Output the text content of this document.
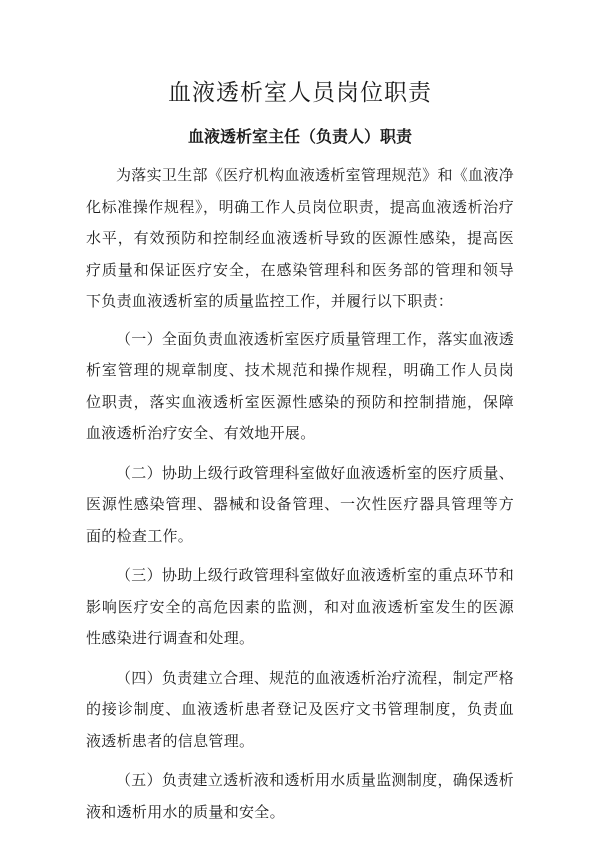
血液透析室人员岗位职责
血液透析室主任（负责人）职责

为落实卫生部《医疗机构血液透析室管理规范》和《血液净化标准操作规程》，明确工作人员岗位职责，提高血液透析治疗水平，有效预防和控制经血液透析导致的医源性感染，提高医疗质量和保证医疗安全，在感染管理科和医务部的管理和领导下负责血液透析室的质量监控工作，并履行以下职责：

（一）全面负责血液透析室医疗质量管理工作，落实血液透析室管理的规章制度、技术规范和操作规程，明确工作人员岗位职责，落实血液透析室医源性感染的预防和控制措施，保障血液透析治疗安全、有效地开展。

（二）协助上级行政管理科室做好血液透析室的医疗质量、医源性感染管理、器械和设备管理、一次性医疗器具管理等方面的检查工作。

（三）协助上级行政管理科室做好血液透析室的重点环节和影响医疗安全的高危因素的监测，和对血液透析室发生的医源性感染进行调查和处理。

（四）负责建立合理、规范的血液透析治疗流程，制定严格的接诊制度、血液透析患者登记及医疗文书管理制度，负责血液透析患者的信息管理。

（五）负责建立透析液和透析用水质量监测制度，确保透析液和透析用水的质量和安全。
